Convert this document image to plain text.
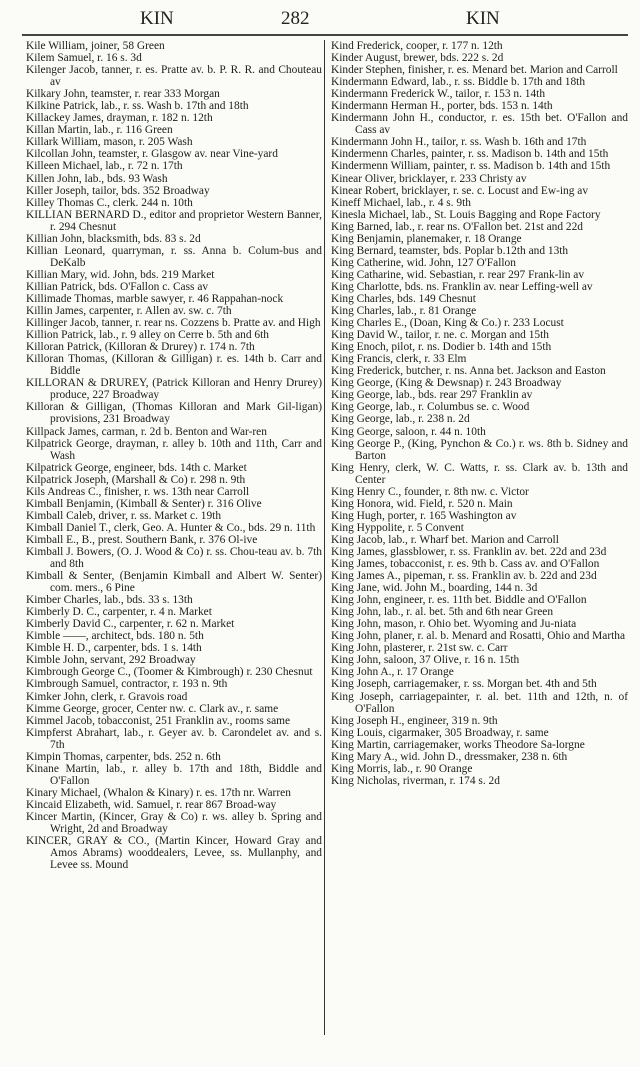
KIN	282	KIN
Kile William, joiner, 58 Green
Kilem Samuel, r. 16 s. 3d
Kilenger Jacob, tanner, r. es. Pratte av. b. P. R. R. and Chouteau av
Kilkary John, teamster, r. rear 333 Morgan
Kilkine Patrick, lab., r. ss. Wash b. 17th and 18th
Killackey James, drayman, r. 182 n. 12th
Killan Martin, lab., r. 116 Green
Killark William, mason, r. 205 Wash
Kilcollan John, teamster, r. Glasgow av. near Vine-yard
Killeen Michael, lab., r. 72 n. 17th
Killen John, lab., bds. 93 Wash
Killer Joseph, tailor, bds. 352 Broadway
Killey Thomas C., clerk. 244 n. 10th
KILLIAN BERNARD D., editor and proprietor Western Banner, r. 294 Chesnut
Killian John, blacksmith, bds. 83 s. 2d
Killian Leonard, quarryman, r. ss. Anna b. Colum-bus and DeKalb
Killian Mary, wid. John, bds. 219 Market
Killian Patrick, bds. O'Fallon c. Cass av
Killimade Thomas, marble sawyer, r. 46 Rappahan-nock
Killin James, carpenter, r. Allen av. sw. c. 7th
Killinger Jacob, tanner, r. rear ns. Cozzens b. Pratte av. and High
Killion Patrick, lab., r. 9 alley on Cerre b. 5th and 6th
Killoran Patrick, (Killoran & Drurey) r. 174 n. 7th
Killoran Thomas, (Killoran & Gilligan) r. es. 14th b. Carr and Biddle
KILLORAN & DRUREY, (Patrick Killoran and Henry Drurey) produce, 227 Broadway
Killoran & Gilligan, (Thomas Killoran and Mark Gil-ligan) provisions, 231 Broadway
Killpack James, carman, r. 2d b. Benton and War-ren
Kilpatrick George, drayman, r. alley b. 10th and 11th, Carr and Wash
Kilpatrick George, engineer, bds. 14th c. Market
Kilpatrick Joseph, (Marshall & Co) r. 298 n. 9th
Kils Andreas C., finisher, r. ws. 13th near Carroll
Kimball Benjamin, (Kimball & Senter) r. 316 Olive
Kimball Caleb, driver, r. ss. Market c. 19th
Kimball Daniel T., clerk, Geo. A. Hunter & Co., bds. 29 n. 11th
Kimball E., B., prest. Southern Bank, r. 376 Ol-ive
Kimball J. Bowers, (O. J. Wood & Co) r. ss. Chou-teau av. b. 7th and 8th
Kimball & Senter, (Benjamin Kimball and Albert W. Senter) com. mers., 6 Pine
Kimber Charles, lab., bds. 33 s. 13th
Kimberly D. C., carpenter, r. 4 n. Market
Kimberly David C., carpenter, r. 62 n. Market
Kimble ——, architect, bds. 180 n. 5th
Kimble H. D., carpenter, bds. 1 s. 14th
Kimble John, servant, 292 Broadway
Kimbrough George C., (Toomer & Kimbrough) r. 230 Chesnut
Kimbrough Samuel, contractor, r. 193 n. 9th
Kimker John, clerk, r. Gravois road
Kimme George, grocer, Center nw. c. Clark av., r. same
Kimmel Jacob, tobacconist, 251 Franklin av., rooms same
Kimpferst Abrahart, lab., r. Geyer av. b. Carondelet av. and s. 7th
Kimpin Thomas, carpenter, bds. 252 n. 6th
Kinane Martin, lab., r. alley b. 17th and 18th, Biddle and O'Fallon
Kinary Michael, (Whalon & Kinary) r. es. 17th nr. Warren
Kincaid Elizabeth, wid. Samuel, r. rear 867 Broad-way
Kincer Martin, (Kincer, Gray & Co) r. ws. alley b. Spring and Wright, 2d and Broadway
KINCER, GRAY & CO., (Martin Kincer, Howard Gray and Amos Abrams) wooddealers, Levee, ss. Mullanphy, and Levee ss. Mound
Kind Frederick, cooper, r. 177 n. 12th
Kinder August, brewer, bds. 222 s. 2d
Kinder Stephen, finisher, r. es. Menard bet. Marion and Carroll
Kindermann Edward, lab., r. ss. Biddle b. 17th and 18th
Kindermann Frederick W., tailor, r. 153 n. 14th
Kindermann Herman H., porter, bds. 153 n. 14th
Kindermann John H., conductor, r. es. 15th bet. O'Fallon and Cass av
Kindermann John H., tailor, r. ss. Wash b. 16th and 17th
Kindermenn Charles, painter, r. ss. Madison b. 14th and 15th
Kindermenn William, painter, r. ss. Madison b. 14th and 15th
Kinear Oliver, bricklayer, r. 233 Christy av
Kinear Robert, bricklayer, r. se. c. Locust and Ew-ing av
Kineff Michael, lab., r. 4 s. 9th
Kinesla Michael, lab., St. Louis Bagging and Rope Factory
King Barned, lab., r. rear ns. O'Fallon bet. 21st and 22d
King Benjamin, planemaker, r. 18 Orange
King Bernard, teamster, bds. Poplar b.12th and 13th
King Catherine, wid. John, 127 O'Fallon
King Catharine, wid. Sebastian, r. rear 297 Frank-lin av
King Charlotte, bds. ns. Franklin av. near Leffing-well av
King Charles, bds. 149 Chesnut
King Charles, lab., r. 81 Orange
King Charles E., (Doan, King & Co.) r. 233 Locust
King David W., tailor, r. ne. c. Morgan and 15th
King Enoch, pilot, r. ns. Dodier b. 14th and 15th
King Francis, clerk, r. 33 Elm
King Frederick, butcher, r. ns. Anna bet. Jackson and Easton
King George, (King & Dewsnap) r. 243 Broadway
King George, lab., bds. rear 297 Franklin av
King George, lab., r. Columbus se. c. Wood
King George, lab., r. 238 n. 2d
King George, saloon, r. 44 n. 10th
King George P., (King, Pynchon & Co.) r. ws. 8th b. Sidney and Barton
King Henry, clerk, W. C. Watts, r. ss. Clark av. b. 13th and Center
King Henry C., founder, r. 8th nw. c. Victor
King Honora, wid. Field, r. 520 n. Main
King Hugh, porter, r. 165 Washington av
King Hyppolite, r. 5 Convent
King Jacob, lab., r. Wharf bet. Marion and Carroll
King James, glassblower, r. ss. Franklin av. bet. 22d and 23d
King James, tobacconist, r. es. 9th b. Cass av. and O'Fallon
King James A., pipeman, r. ss. Franklin av. b. 22d and 23d
King Jane, wid. John M., boarding, 144 n. 3d
King John, engineer, r. es. 11th bet. Biddle and O'Fallon
King John, lab., r. al. bet. 5th and 6th near Green
King John, mason, r. Ohio bet. Wyoming and Ju-niata
King John, planer, r. al. b. Menard and Rosatti, Ohio and Martha
King John, plasterer, r. 21st sw. c. Carr
King John, saloon, 37 Olive, r. 16 n. 15th
King John A., r. 17 Orange
King Joseph, carriagemaker, r. ss. Morgan bet. 4th and 5th
King Joseph, carriagepainter, r. al. bet. 11th and 12th, n. of O'Fallon
King Joseph H., engineer, 319 n. 9th
King Louis, cigarmaker, 305 Broadway, r. same
King Martin, carriagemaker, works Theodore Sa-lorgne
King Mary A., wid. John D., dressmaker, 238 n. 6th
King Morris, lab., r. 90 Orange
King Nicholas, riverman, r. 174 s. 2d
